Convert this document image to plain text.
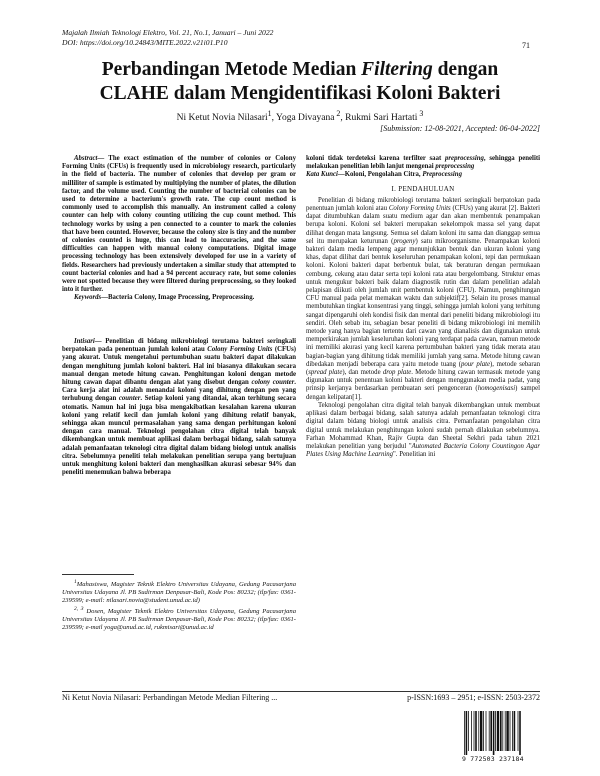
Majalah Ilmiah Teknologi Elektro, Vol. 21, No.1, Januari – Juni 2022
DOI: https://doi.org/10.24843/MITE.2022.v21i01.P10	71
Perbandingan Metode Median Filtering dengan
CLAHE dalam Mengidentifikasi Koloni Bakteri
Ni Ketut Novia Nilasari$^1$, Yoga Divayana $^2$, Rukmi Sari Hartati $^3$
[Submission: 12-08-2021, Accepted: 06-04-2022]

Abstract— The exact estimation of the number of colonies or Colony Forming Units (CFUs) is frequently used in microbiology research, particularly in the field of bacteria. The number of colonies that develop per gram or milliliter of sample is estimated by multiplying the number of plates, the dilution factor, and the volume used. Counting the number of bacterial colonies can be used to determine a bacterium's growth rate. The cup count method is commonly used to accomplish this manually. An instrument called a colony counter can help with colony counting utilizing the cup count method. This technology works by using a pen connected to a counter to mark the colonies that have been counted. However, because the colony size is tiny and the number of colonies counted is huge, this can lead to inaccuracies, and the same difficulties can happen with manual colony computations. Digital image processing technology has been extensively developed for use in a variety of fields. Researchers had previously undertaken a similar study that attempted to count bacterial colonies and had a 94 percent accuracy rate, but some colonies were not spotted because they were filtered during preprocessing, so they looked into it further.

Keywords—Bacteria Colony, Image Processing, Preprocessing.

Intisari— Penelitian di bidang mikrobiologi terutama bakteri seringkali berpatokan pada penentuan jumlah koloni atau Colony Forming Units (CFUs) yang akurat. Untuk mengetahui pertumbuhan suatu bakteri dapat dilakukan dengan menghitung jumlah koloni bakteri. Hal ini biasanya dilakukan secara manual dengan metode hitung cawan. Penghitungan koloni dengan metode hitung cawan dapat dibantu dengan alat yang disebut dengan colony counter. Cara kerja alat ini adalah menandai koloni yang dihitung dengan pen yang terhubung dengan counter. Setiap koloni yang ditandai, akan terhitung secara otomatis. Namun hal ini juga bisa mengakibatkan kesalahan karena ukuran koloni yang relatif kecil dan jumlah koloni yang dihitung relatif banyak, sehingga akan muncul permasalahan yang sama dengan perhitungan koloni dengan cara manual. Teknologi pengolahan citra digital telah banyak dikembangkan untuk membuat aplikasi dalam berbagai bidang, salah satunya adalah pemanfaatan teknologi citra digital dalam bidang biologi untuk analisis citra. Sebelumnya peneliti telah melakukan penelitian serupa yang bertujuan untuk menghitung koloni bakteri dan menghasilkan akurasi sebesar 94% dan peneliti menemukan bahwa beberapa

$^1$Mahasiswa, Magister Teknik Elektro Universitas Udayana, Gedung Pacasarjana Universitas Udayana Jl. PB Sudirman Denpasar-Bali, Kode Pos: 80232; (tlp/fax: 0361-239599; e-mail: nilasari.novia@student.unud.ac.id)

$^{2, 3}$ Dosen, Magister Teknik Elektro Universitas Udayana, Gedung Pacasarjana Universitas Udayana Jl. PB Sudirman Denpasar-Bali, Kode Pos: 80232; (tlp/fax: 0361-239599; e-mail yoga@unud.ac.id, rukmisari@unud.ac.id

koloni tidak terdeteksi karena terfilter saat preprocessing, sehingga peneliti melakukan penelitian lebih lanjut mengenai preprocessing

Kata Kunci—Koloni, Pengolahan Citra, Preprocessing

I. PENDAHULUAN

Penelitian di bidang mikrobiologi terutama bakteri seringkali berpatokan pada penentuan jumlah koloni atau Colony Forming Units (CFUs) yang akurat [2]. Bakteri dapat ditumbuhkan dalam suatu medium agar dan akan membentuk penampakan berupa koloni. Koloni sel bakteri merupakan sekelompok massa sel yang dapat dilihat dengan mata langsung. Semua sel dalam koloni itu sama dan dianggap semua sel itu merupakan keturunan (progeny) satu mikroorganisme. Penampakan koloni bakteri dalam media lempeng agar menunjukkan bentuk dan ukuran koloni yang khas, dapat dilihat dari bentuk keseluruhan penampakan koloni, tepi dan permukaan koloni. Koloni bakteri dapat berbentuk bulat, tak beraturan dengan permukaan cembung, cekung atau datar serta tepi koloni rata atau bergelombang. Struktur emas untuk mengukur bakteri baik dalam diagnostik rutin dan dalam penelitian adalah pelapisan diikuti oleh jumlah unit pembentuk koloni (CFU). Namun, penghitungan CFU manual pada pelat memakan waktu dan subjektif[2]. Selain itu proses manual membutuhkan tingkat konsentrasi yang tinggi, sehingga jumlah koloni yang terhitung sangat dipengaruhi oleh kondisi fisik dan mental dari peneliti bidang mikrobiologi itu sendiri. Oleh sebab itu, sebagian besar peneliti di bidang mikrobiologi ini memilih metode yang hanya bagian tertentu dari cawan yang dianalisis dan digunakan untuk memperkirakan jumlah keseluruhan koloni yang terdapat pada cawan, namun metode ini memiliki akurasi yang kecil karena pertumbuhan bakteri yang tidak merata atau bagian-bagian yang dihitung tidak memiliki jumlah yang sama. Metode hitung cawan dibedakan menjadi beberapa cara yaitu metode tuang (pour plate), metode sebaran (spread plate), dan metode drop plate. Metode hitung cawan termasuk metode yang digunakan untuk penentuan koloni bakteri dengan menggunakan media padat, yang prinsip kerjanya berdasarkan pembuatan seri pengenceran (homogenisasi) sampel dengan kelipatan[1].

Teknologi pengolahan citra digital telah banyak dikembangkan untuk membuat aplikasi dalam berbagai bidang, salah satunya adalah pemanfaatan teknologi citra digital dalam bidang biologi untuk analisis citra. Pemanfaatan pengolahan citra digital untuk melakukan penghitungan koloni sudah pernah dilakukan sebelumnya. Farhan Mohammad Khan, Rajiv Gupta dan Sheetal Sekhri pada tahun 2021 melakukan penelitian yang berjudul "Automated Bacteria Colony Countingon Agar Plates Using Machine Learning". Penelitian ini

Ni Ketut Novia Nilasari: Perbandingan Metode Median Filtering ...	p-ISSN:1693 – 2951; e-ISSN: 2503-2372
9 772503 237184
